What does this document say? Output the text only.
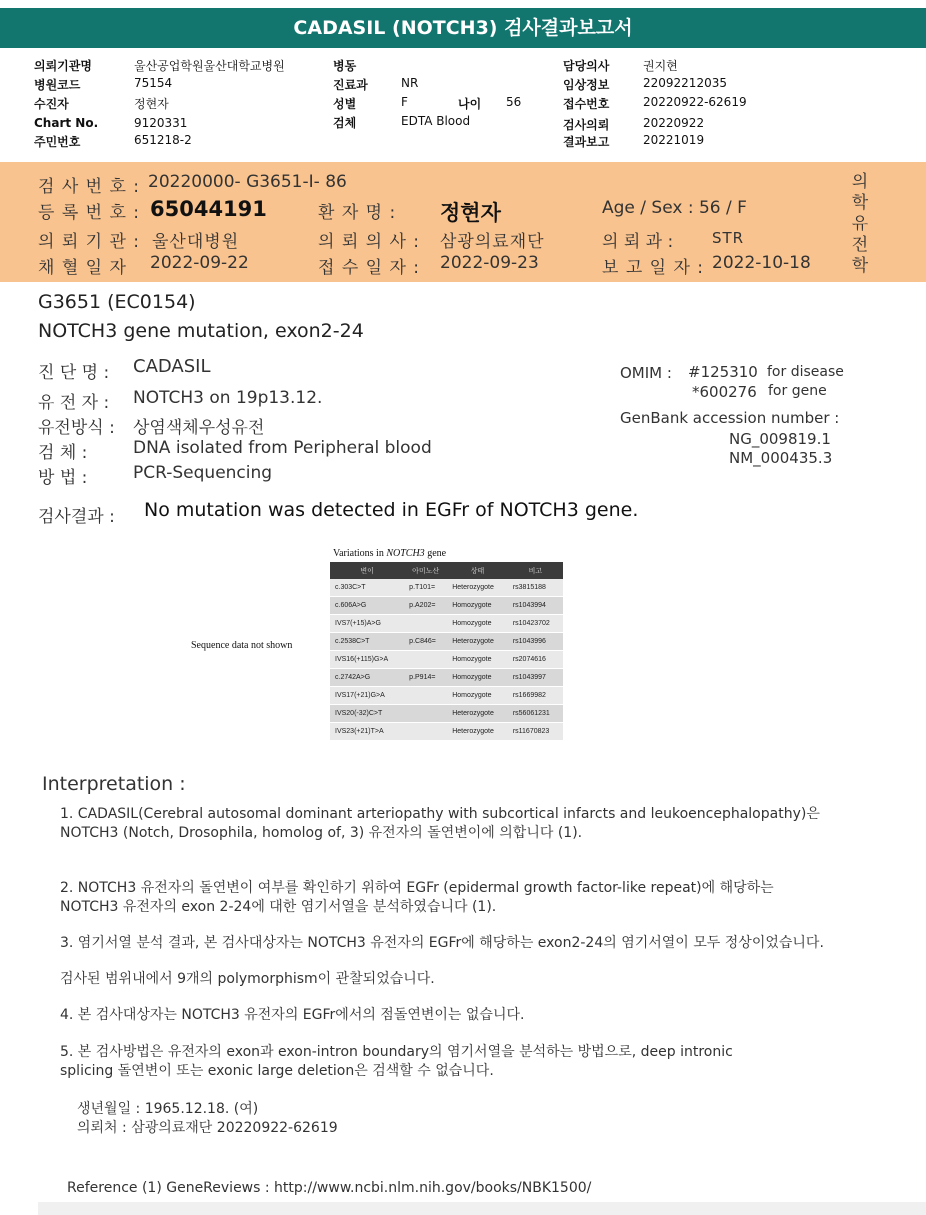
CADASIL (NOTCH3) 검사결과보고서
의뢰기관명	울산공업학원울산대학교병원
병원코드	75154
수진자	정현자
Chart No.	9120331
주민번호	651218-2
병동
진료과	NR
성별	F	나이 56
검체	EDTA Blood
담당의사	권지현
임상정보	22092212035
접수번호	20220922-62619
검사의뢰	20220922
결과보고	20221019
검 사 번 호 : 20220000- G3651-I- 86
등 록 번 호 : 65044191	환 자 명 : 정현자	Age / Sex : 56 / F
의 뢰 기 관 : 울산대병원	의 뢰 의 사 : 삼광의료재단	의 뢰 과 :	STR
채 혈 일 자 2022-09-22	접 수 일 자 : 2022-09-23	보 고 일 자 : 2022-10-18
의
학
유
전
학
G3651 (EC0154)
NOTCH3 gene mutation, exon2-24
진 단 명 : CADASIL
유 전 자 : NOTCH3 on 19p13.12.
유전방식 : 상염색체우성유전
검 체 :	DNA isolated from Peripheral blood
방 법 :	PCR-Sequencing
OMIM : #125310 for disease
*600276 for gene
GenBank accession number :
NG_009819.1
NM_000435.3
검사결과 : No mutation was detected in EGFr of NOTCH3 gene.
Variations in NOTCH3 gene
Sequence data not shown
변이	아미노산	상태	비고
c.303C>T	p.T101=	Heterozygote	rs3815188
c.606A>G	p.A202=	Homozygote	rs1043994
IVS7(+15)A>G		Homozygote	rs10423702
c.2538C>T	p.C846=	Heterozygote	rs1043996
IVS16(+115)G>A		Homozygote	rs2074616
c.2742A>G	p.P914=	Homozygote	rs1043997
IVS17(+21)G>A		Homozygote	rs1669982
IVS20(-32)C>T		Heterozygote	rs56061231
IVS23(+21)T>A		Heterozygote	rs11670823
Interpretation :
1. CADASIL(Cerebral autosomal dominant arteriopathy with subcortical infarcts and leukoencephalopathy)은 NOTCH3 (Notch, Drosophila, homolog of, 3) 유전자의 돌연변이에 의합니다 (1).
2. NOTCH3 유전자의 돌연변이 여부를 확인하기 위하여 EGFr (epidermal growth factor-like repeat)에 해당하는 NOTCH3 유전자의 exon 2-24에 대한 염기서열을 분석하였습니다 (1).
3. 염기서열 분석 결과, 본 검사대상자는 NOTCH3 유전자의 EGFr에 해당하는 exon2-24의 염기서열이 모두 정상이었습니다.
검사된 범위내에서 9개의 polymorphism이 관찰되었습니다.
4. 본 검사대상자는 NOTCH3 유전자의 EGFr에서의 점돌연변이는 없습니다.
5. 본 검사방법은 유전자의 exon과 exon-intron boundary의 염기서열을 분석하는 방법으로, deep intronic splicing 돌연변이 또는 exonic large deletion은 검색할 수 없습니다.
생년월일 : 1965.12.18. (여)
의뢰처 : 삼광의료재단 20220922-62619
Reference (1) GeneReviews : http://www.ncbi.nlm.nih.gov/books/NBK1500/
